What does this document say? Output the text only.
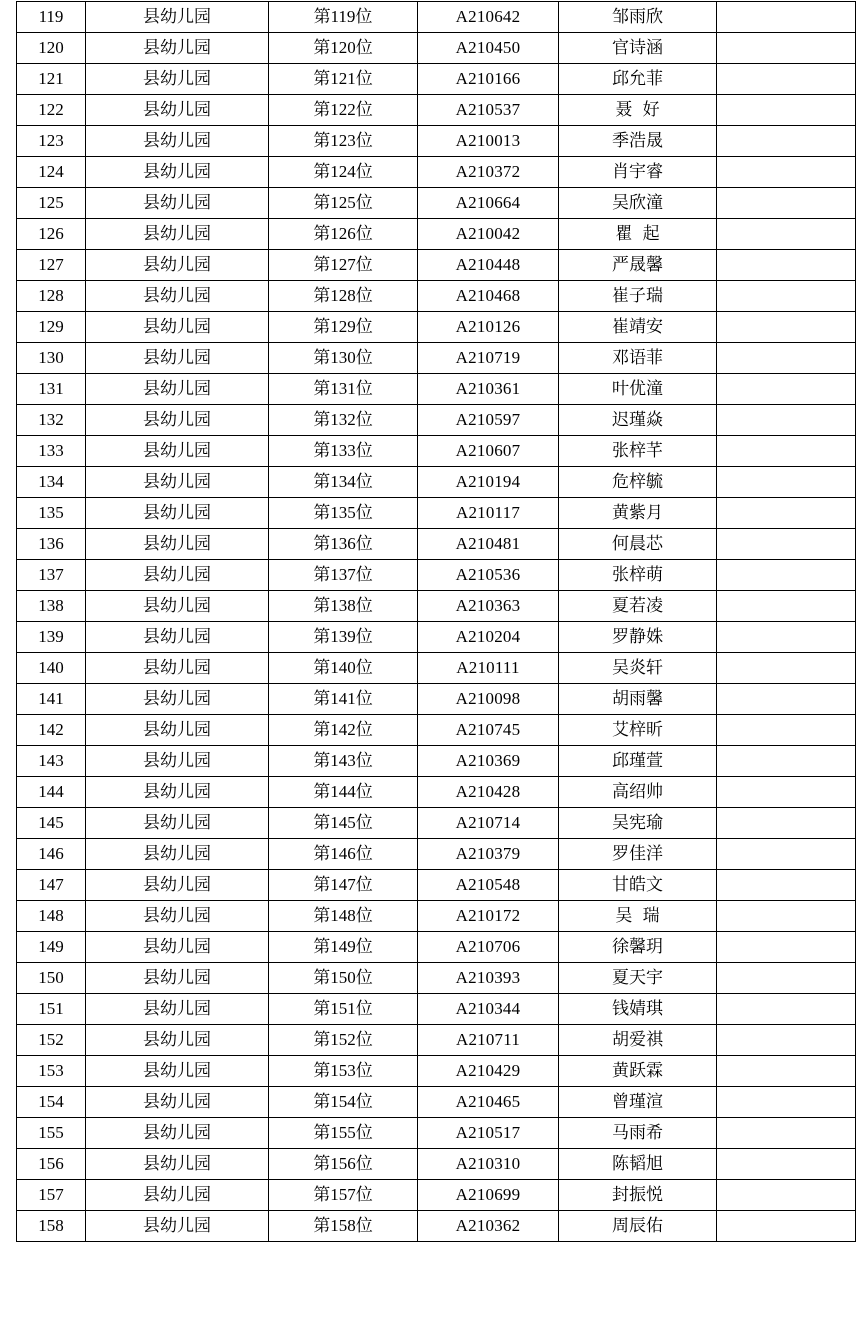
119	县幼儿园	第119位	A210642	邹雨欣	
120	县幼儿园	第120位	A210450	官诗涵	
121	县幼儿园	第121位	A210166	邱允菲	
122	县幼儿园	第122位	A210537	聂好	
123	县幼儿园	第123位	A210013	季浩晟	
124	县幼儿园	第124位	A210372	肖宇睿	
125	县幼儿园	第125位	A210664	吴欣潼	
126	县幼儿园	第126位	A210042	瞿起	
127	县幼儿园	第127位	A210448	严晟馨	
128	县幼儿园	第128位	A210468	崔子瑞	
129	县幼儿园	第129位	A210126	崔靖安	
130	县幼儿园	第130位	A210719	邓语菲	
131	县幼儿园	第131位	A210361	叶优潼	
132	县幼儿园	第132位	A210597	迟瑾焱	
133	县幼儿园	第133位	A210607	张梓芊	
134	县幼儿园	第134位	A210194	危梓毓	
135	县幼儿园	第135位	A210117	黄紫月	
136	县幼儿园	第136位	A210481	何晨芯	
137	县幼儿园	第137位	A210536	张梓萌	
138	县幼儿园	第138位	A210363	夏若凌	
139	县幼儿园	第139位	A210204	罗静姝	
140	县幼儿园	第140位	A210111	吴炎轩	
141	县幼儿园	第141位	A210098	胡雨馨	
142	县幼儿园	第142位	A210745	艾梓昕	
143	县幼儿园	第143位	A210369	邱瑾萱	
144	县幼儿园	第144位	A210428	高绍帅	
145	县幼儿园	第145位	A210714	吴宪瑜	
146	县幼儿园	第146位	A210379	罗佳洋	
147	县幼儿园	第147位	A210548	甘皓文	
148	县幼儿园	第148位	A210172	吴瑞	
149	县幼儿园	第149位	A210706	徐馨玥	
150	县幼儿园	第150位	A210393	夏天宇	
151	县幼儿园	第151位	A210344	钱婧琪	
152	县幼儿园	第152位	A210711	胡爱祺	
153	县幼儿园	第153位	A210429	黄跃霖	
154	县幼儿园	第154位	A210465	曾瑾渲	
155	县幼儿园	第155位	A210517	马雨希	
156	县幼儿园	第156位	A210310	陈韬旭	
157	县幼儿园	第157位	A210699	封振悦	
158	县幼儿园	第158位	A210362	周辰佑	
